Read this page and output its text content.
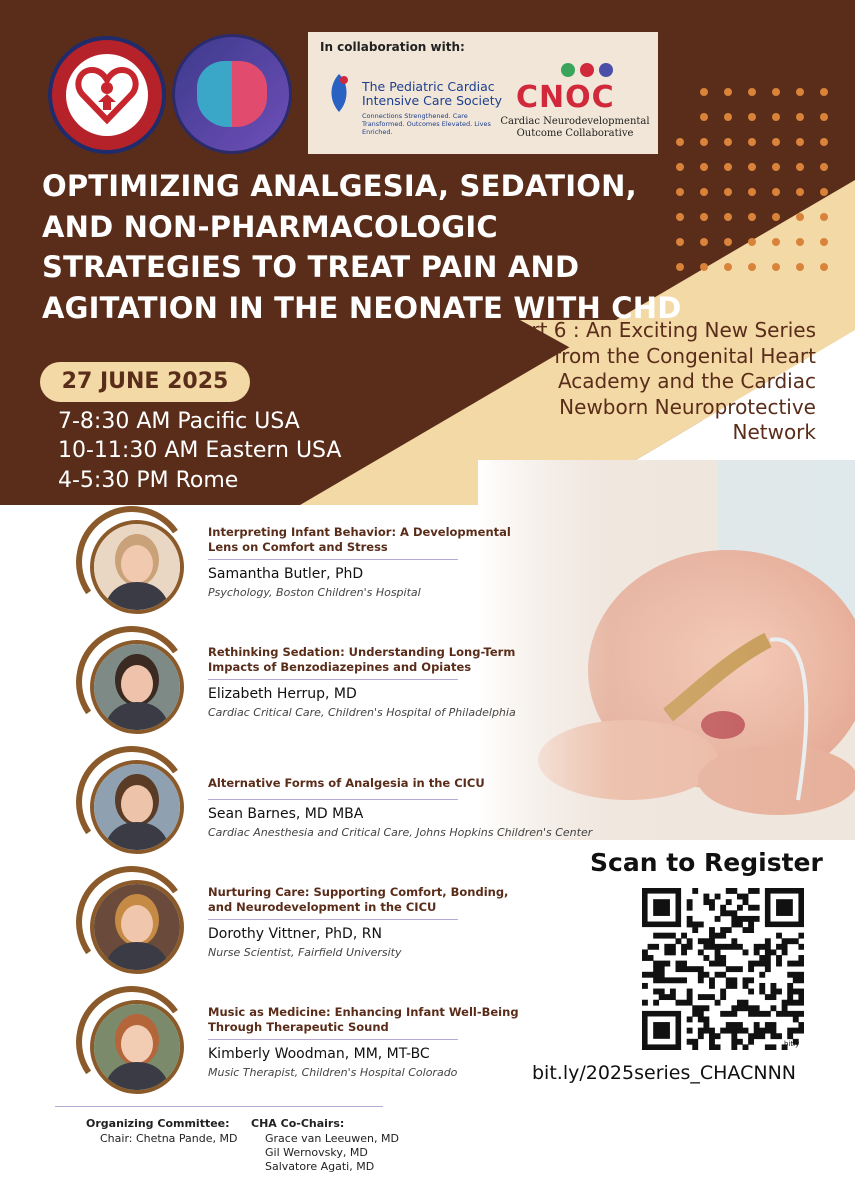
In collaboration with:
The Pediatric Cardiac Intensive Care Society
Connections Strengthened. Care Transformed. Outcomes Elevated. Lives Enriched.
CNOC
Cardiac Neurodevelopmental Outcome Collaborative
OPTIMIZING ANALGESIA, SEDATION, AND NON-PHARMACOLOGIC STRATEGIES TO TREAT PAIN AND AGITATION IN THE NEONATE WITH CHD
27 JUNE 2025
7-8:30 AM Pacific USA
10-11:30 AM Eastern USA
4-5:30 PM Rome
Part 6 : An Exciting New Series from the Congenital Heart Academy and the Cardiac Newborn Neuroprotective Network
Interpreting Infant Behavior: A Developmental Lens on Comfort and Stress
Samantha Butler, PhD
Psychology, Boston Children's Hospital
Rethinking Sedation: Understanding Long-Term Impacts of Benzodiazepines and Opiates
Elizabeth Herrup, MD
Cardiac Critical Care, Children's Hospital of Philadelphia
Alternative Forms of Analgesia in the CICU
Sean Barnes, MD MBA
Cardiac Anesthesia and Critical Care, Johns Hopkins Children's Center
Nurturing Care: Supporting Comfort, Bonding, and Neurodevelopment in the CICU
Dorothy Vittner, PhD, RN
Nurse Scientist, Fairfield University
Music as Medicine: Enhancing Infant Well-Being Through Therapeutic Sound
Kimberly Woodman, MM, MT-BC
Music Therapist, Children's Hospital Colorado
Scan to Register
bitly
bit.ly/2025series_CHACNNN
Organizing Committee:
Chair: Chetna Pande, MD
CHA Co-Chairs:
Grace van Leeuwen, MD
Gil Wernovsky, MD
Salvatore Agati, MD
